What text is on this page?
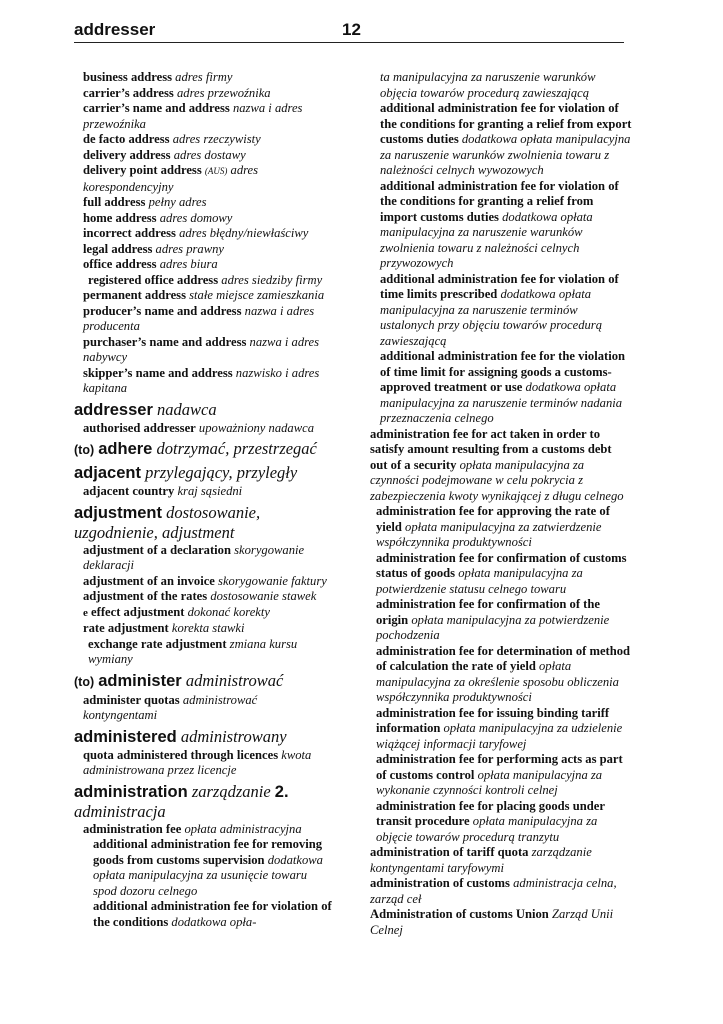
addresser	12

business address adres firmy

carrier’s address adres przewoźnika

carrier’s name and address nazwa i adres przewoźnika

de facto address adres rzeczywisty

delivery address adres dostawy

delivery point address (AUS) adres korespondencyjny

full address pełny adres

home address adres domowy

incorrect address adres błędny/niewłaściwy

legal address adres prawny

office address adres biura

registered office address adres siedziby firmy

permanent address stałe miejsce zamieszkania

producer’s name and address nazwa i adres producenta

purchaser’s name and address nazwa i adres nabywcy

skipper’s name and address nazwisko i adres kapitana

addresser nadawca

authorised addresser upoważniony nadawca

(to) adhere dotrzymać, przestrzegać

adjacent przylegający, przyległy

adjacent country kraj sąsiedni

adjustment dostosowanie, uzgodnienie, adjustment

adjustment of a declaration skorygowanie deklaracji

adjustment of an invoice skorygowanie faktury

adjustment of the rates dostosowanie stawek

e effect adjustment dokonać korekty

rate adjustment korekta stawki

exchange rate adjustment zmiana kursu wymiany

(to) administer administrować

administer quotas administrować kontyngentami

administered administrowany

quota administered through licences kwota administrowana przez licencje

administration zarządzanie 2. administracja

administration fee opłata administracyjna

additional administration fee for removing goods from customs supervision dodatkowa opłata manipulacyjna za usunięcie towaru spod dozoru celnego

additional administration fee for violation of the conditions dodatkowa opła-

ta manipulacyjna za naruszenie warunków objęcia towarów procedurą zawieszającą

additional administration fee for violation of the conditions for granting a relief from export customs duties dodatkowa opłata manipulacyjna za naruszenie warunków zwolnienia towaru z należności celnych wywozowych

additional administration fee for violation of the conditions for granting a relief from import customs duties dodatkowa opłata manipulacyjna za naruszenie warunków zwolnienia towaru z należności celnych przywozowych

additional administration fee for violation of time limits prescribed dodatkowa opłata manipulacyjna za naruszenie terminów ustalonych przy objęciu towarów procedurą zawieszającą

additional administration fee for the violation of time limit for assigning goods a customs-approved treatment or use dodatkowa opłata manipulacyjna za naruszenie terminów nadania przeznaczenia celnego

administration fee for act taken in order to satisfy amount resulting from a customs debt out of a security opłata manipulacyjna za czynności podejmowane w celu pokrycia z zabezpieczenia kwoty wynikającej z długu celnego

administration fee for approving the rate of yield opłata manipulacyjna za zatwierdzenie współczynnika produktywności

administration fee for confirmation of customs status of goods opłata manipulacyjna za potwierdzenie statusu celnego towaru

administration fee for confirmation of the origin opłata manipulacyjna za potwierdzenie pochodzenia

administration fee for determination of method of calculation the rate of yield opłata manipulacyjna za określenie sposobu obliczenia współczynnika produktywności

administration fee for issuing binding tariff information opłata manipulacyjna za udzielenie wiążącej informacji taryfowej

administration fee for performing acts as part of customs control opłata manipulacyjna za wykonanie czynności kontroli celnej

administration fee for placing goods under transit procedure opłata manipulacyjna za objęcie towarów procedurą tranzytu

administration of tariff quota zarządzanie kontyngentami taryfowymi

administration of customs administracja celna, zarząd ceł

Administration of customs Union Zarząd Unii Celnej
